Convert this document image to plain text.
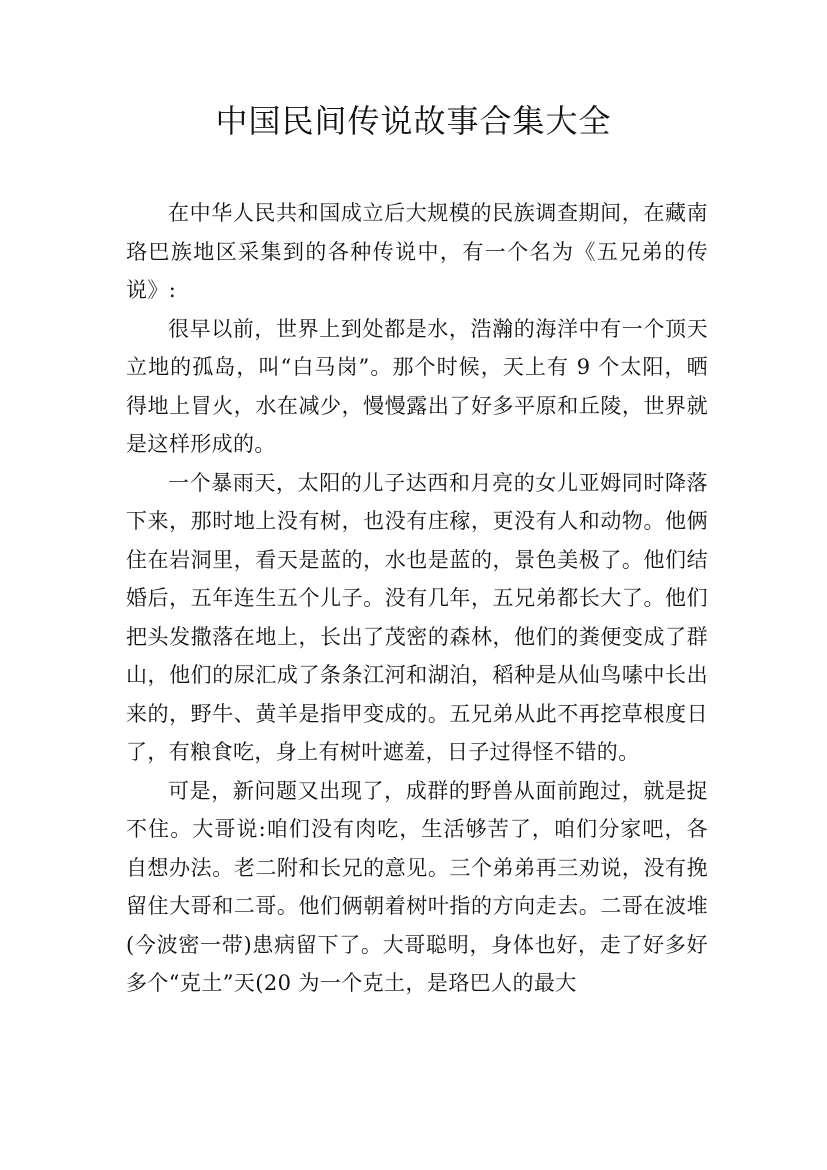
中国民间传说故事合集大全

在中华人民共和国成立后大规模的民族调查期间，在藏南珞巴族地区采集到的各种传说中，有一个名为《五兄弟的传说》:

很早以前，世界上到处都是水，浩瀚的海洋中有一个顶天立地的孤岛，叫“白马岗”。那个时候，天上有 9 个太阳，晒得地上冒火，水在减少，慢慢露出了好多平原和丘陵，世界就是这样形成的。

一个暴雨天，太阳的儿子达西和月亮的女儿亚姆同时降落下来，那时地上没有树，也没有庄稼，更没有人和动物。他俩住在岩洞里，看天是蓝的，水也是蓝的，景色美极了。他们结婚后，五年连生五个儿子。没有几年，五兄弟都长大了。他们把头发撒落在地上，长出了茂密的森林，他们的粪便变成了群山，他们的尿汇成了条条江河和湖泊，稻种是从仙鸟嗉中长出来的，野牛、黄羊是指甲变成的。五兄弟从此不再挖草根度日了，有粮食吃，身上有树叶遮羞，日子过得怪不错的。

可是，新问题又出现了，成群的野兽从面前跑过，就是捉不住。大哥说:咱们没有肉吃，生活够苦了，咱们分家吧，各自想办法。老二附和长兄的意见。三个弟弟再三劝说，没有挽留住大哥和二哥。他们俩朝着树叶指的方向走去。二哥在波堆(今波密一带)患病留下了。大哥聪明，身体也好，走了好多好多个“克土”天(20 为一个克土，是珞巴人的最大
